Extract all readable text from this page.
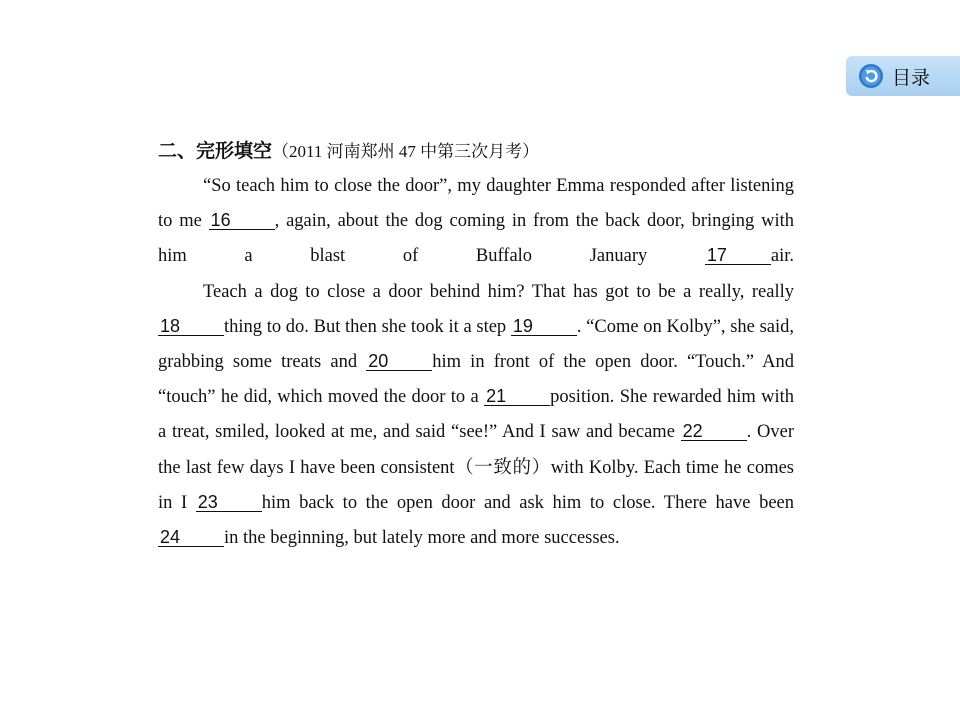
目录
二、完形填空（2011 河南郑州 47 中第三次月考）

“So teach him to close the door”, my daughter Emma responded after listening to me 16 , again, about the dog coming in from the back door, bringing with him a blast of Buffalo January 17 air.

Teach a dog to close a door behind him? That has got to be a really, really 18 thing to do. But then she took it a step 19 . “Come on Kolby”, she said, grabbing some treats and 20 him in front of the open door. “Touch.” And “touch” he did, which moved the door to a 21 position. She rewarded him with a treat, smiled, looked at me, and said “see!” And I saw and became 22 . Over the last few days I have been consistent（一致的）with Kolby. Each time he comes in I 23 him back to the open door and ask him to close. There have been 24 in the beginning, but lately more and more successes.
